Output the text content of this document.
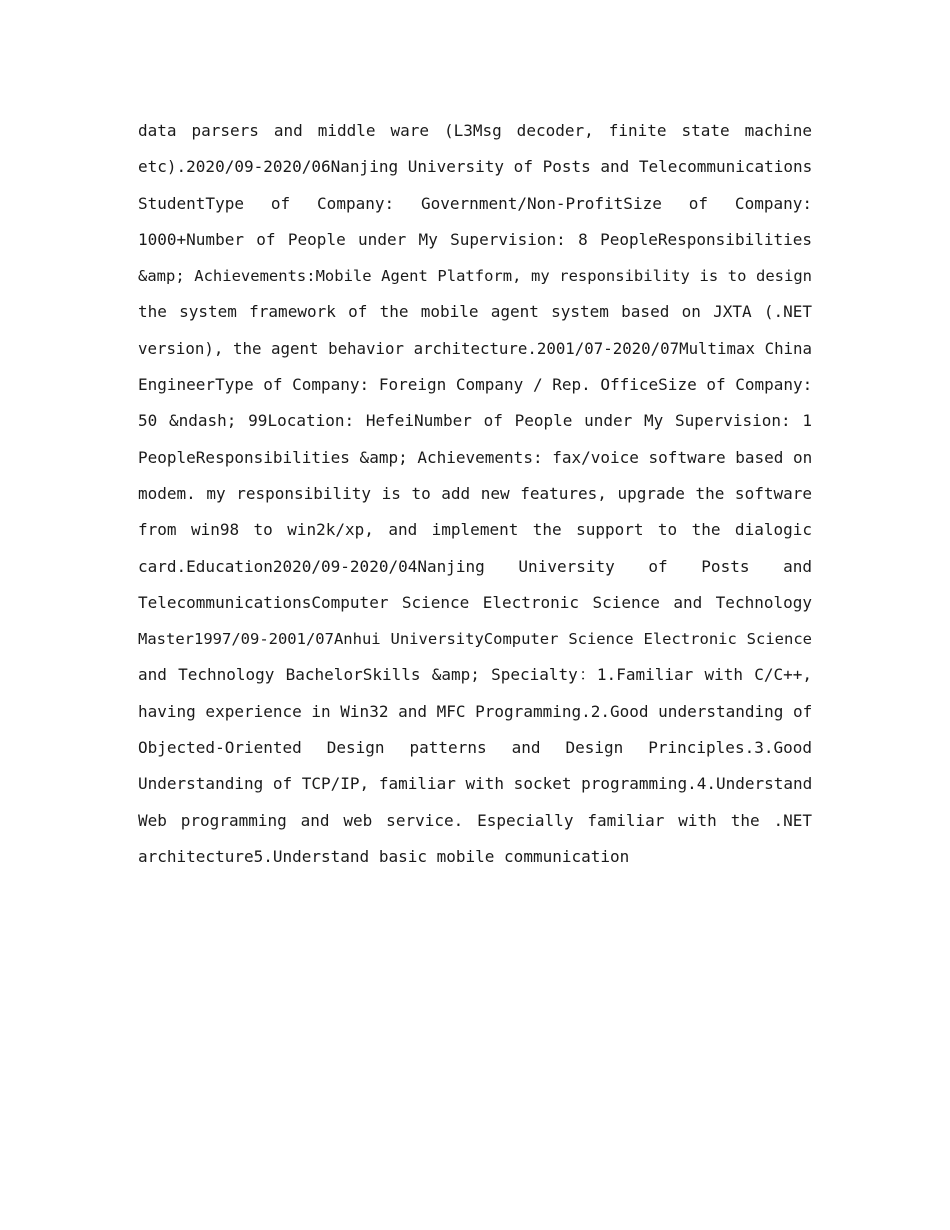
data parsers and middle ware (L3Msg decoder, finite state machine
etc).2020/09-2020/06Nanjing University of Posts and Telecommunications
StudentType of Company: Government/Non-ProfitSize of Company:
1000+Number of People under My Supervision: 8 PeopleResponsibilities
&amp; Achievements:Mobile Agent Platform, my responsibility is to design
the system framework of the mobile agent system based on JXTA (.NET
version), the agent behavior architecture.2001/07-2020/07Multimax China
EngineerType of Company: Foreign Company / Rep. OfficeSize of Company:
50 &ndash; 99Location: HefeiNumber of People under My Supervision: 1
PeopleResponsibilities &amp; Achievements: fax/voice software based on
modem. my responsibility is to add new features, upgrade the software
from win98 to win2k/xp, and implement the support to the dialogic
card.Education2020/09-2020/04Nanjing University of Posts and
TelecommunicationsComputer Science Electronic Science and Technology
Master1997/09-2001/07Anhui UniversityComputer Science Electronic Science
and Technology BachelorSkills &amp; Specialty：1.Familiar with C/C++,
having experience in Win32 and MFC Programming.2.Good understanding of
Objected-Oriented Design patterns and Design Principles.3.Good
Understanding of TCP/IP, familiar with socket programming.4.Understand
Web programming and web service. Especially familiar with the .NET
architecture5.Understand basic mobile communication
